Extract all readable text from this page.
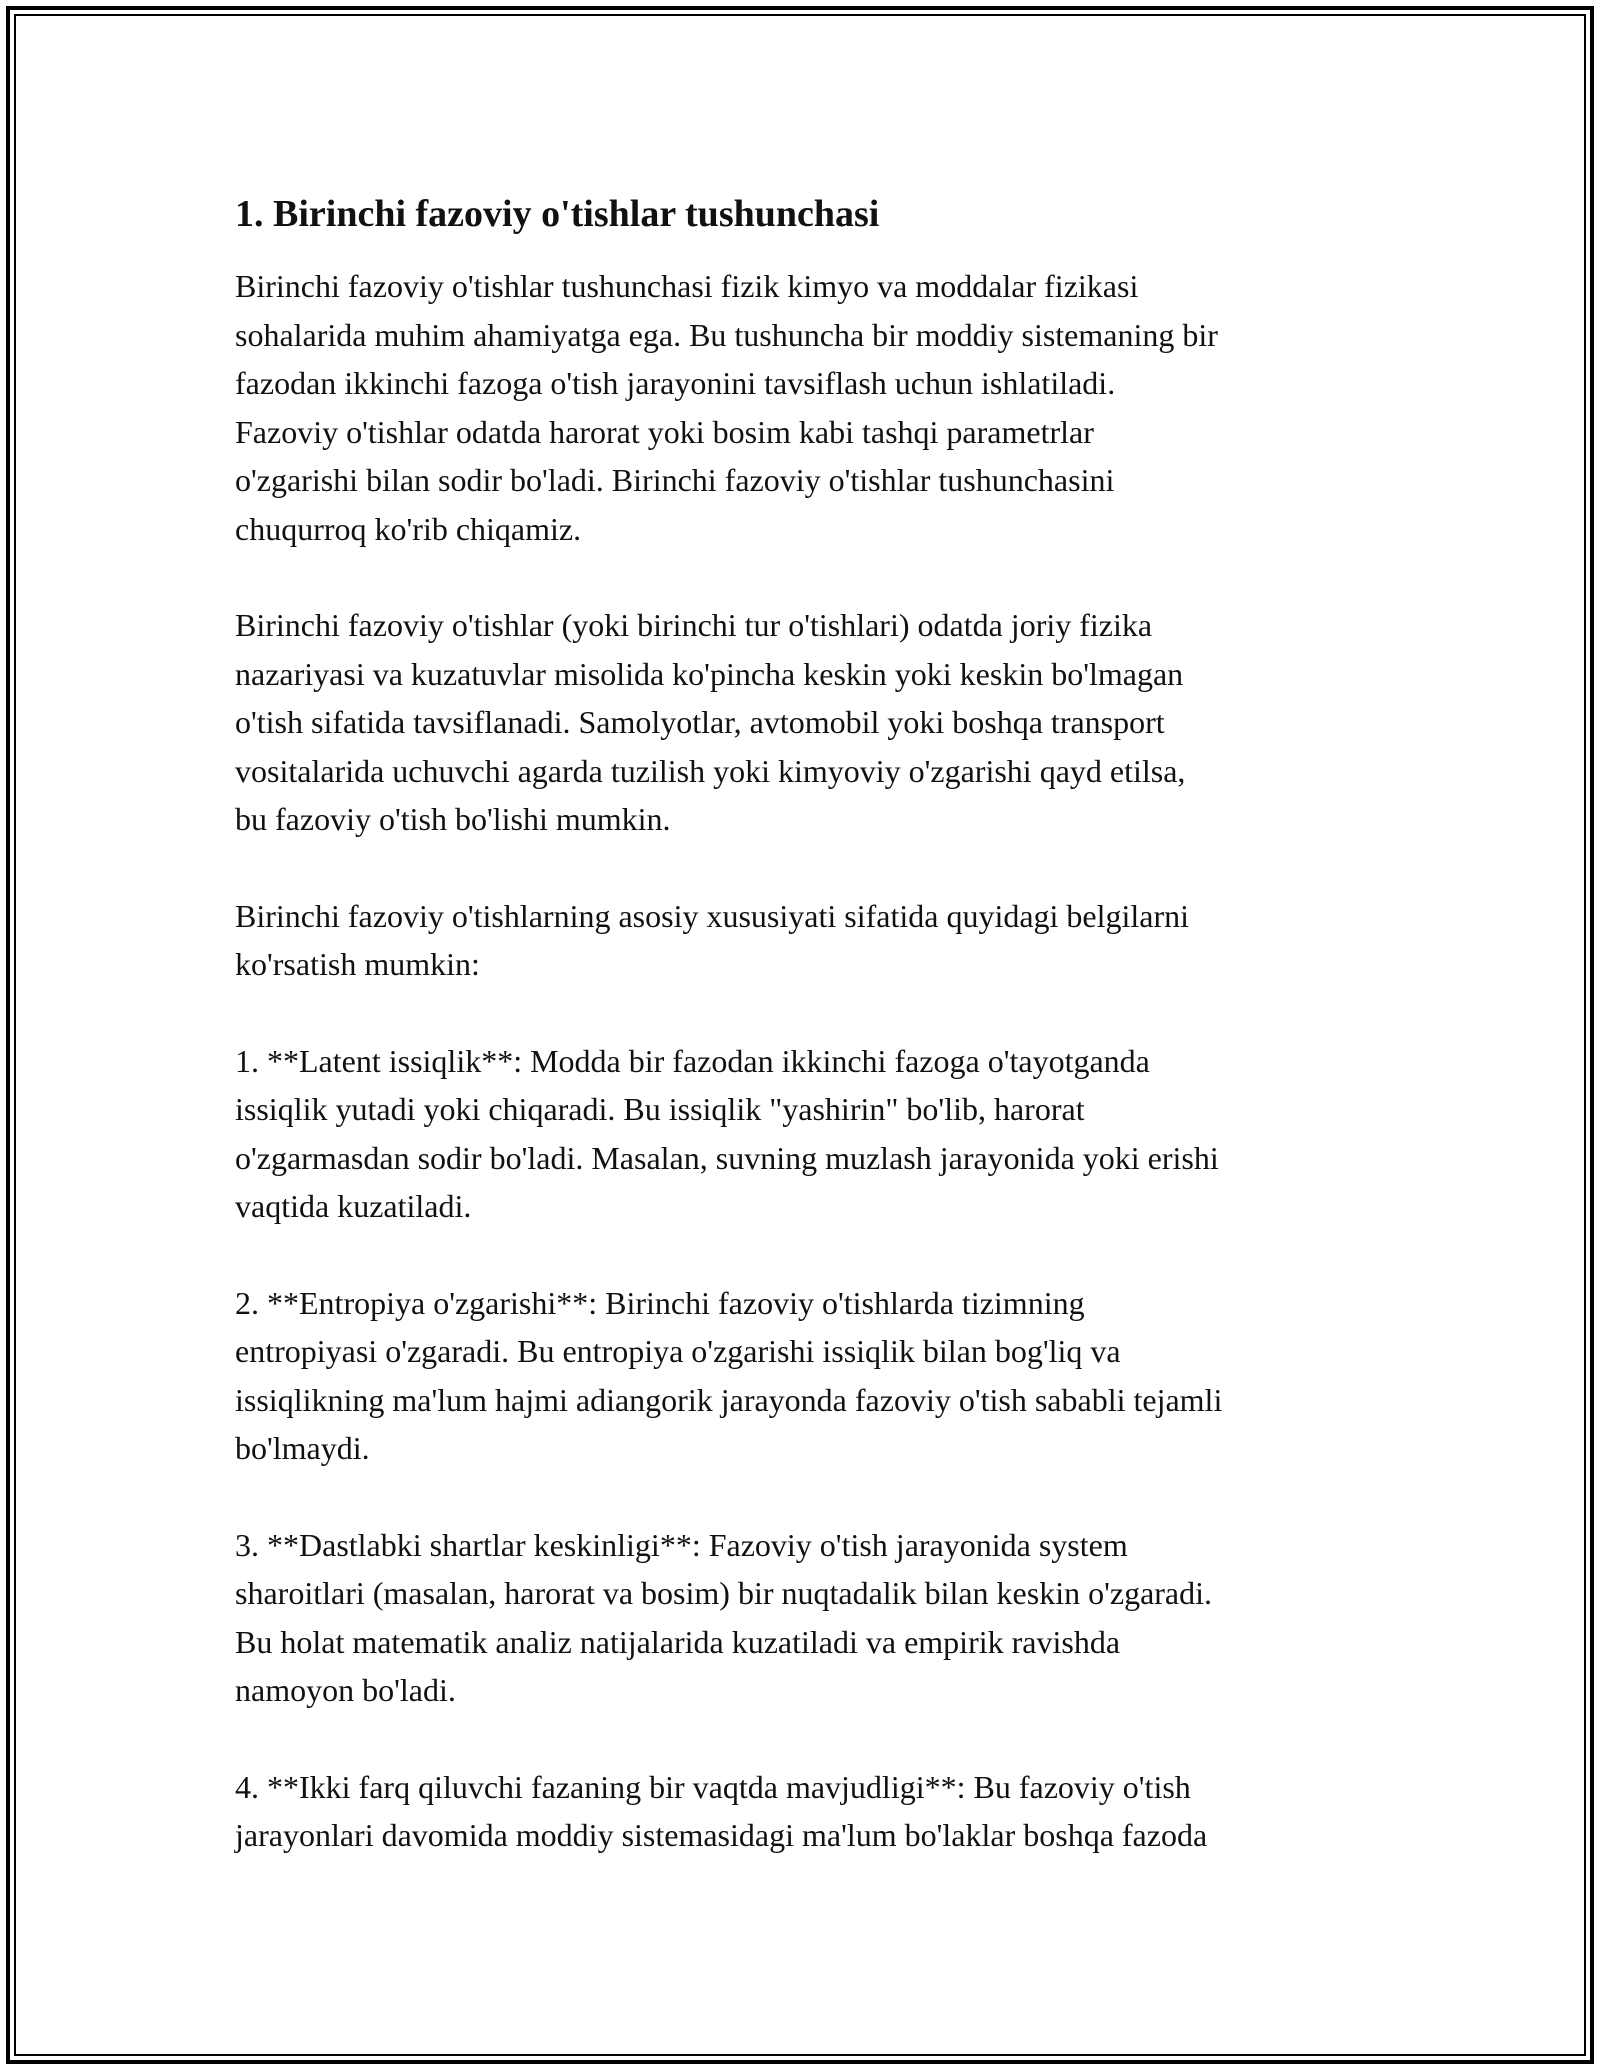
1. Birinchi fazoviy o'tishlar tushunchasi

Birinchi fazoviy o'tishlar tushunchasi fizik kimyo va moddalar fizikasi
sohalarida muhim ahamiyatga ega. Bu tushuncha bir moddiy sistemaning bir
fazodan ikkinchi fazoga o'tish jarayonini tavsiflash uchun ishlatiladi.
Fazoviy o'tishlar odatda harorat yoki bosim kabi tashqi parametrlar
o'zgarishi bilan sodir bo'ladi. Birinchi fazoviy o'tishlar tushunchasini
chuqurroq ko'rib chiqamiz.

Birinchi fazoviy o'tishlar (yoki birinchi tur o'tishlari) odatda joriy fizika
nazariyasi va kuzatuvlar misolida ko'pincha keskin yoki keskin bo'lmagan
o'tish sifatida tavsiflanadi. Samolyotlar, avtomobil yoki boshqa transport
vositalarida uchuvchi agarda tuzilish yoki kimyoviy o'zgarishi qayd etilsa,
bu fazoviy o'tish bo'lishi mumkin.

Birinchi fazoviy o'tishlarning asosiy xususiyati sifatida quyidagi belgilarni
ko'rsatish mumkin:

1. **Latent issiqlik**: Modda bir fazodan ikkinchi fazoga o'tayotganda
issiqlik yutadi yoki chiqaradi. Bu issiqlik "yashirin" bo'lib, harorat
o'zgarmasdan sodir bo'ladi. Masalan, suvning muzlash jarayonida yoki erishi
vaqtida kuzatiladi.

2. **Entropiya o'zgarishi**: Birinchi fazoviy o'tishlarda tizimning
entropiyasi o'zgaradi. Bu entropiya o'zgarishi issiqlik bilan bog'liq va
issiqlikning ma'lum hajmi adiangorik jarayonda fazoviy o'tish sababli tejamli
bo'lmaydi.

3. **Dastlabki shartlar keskinligi**: Fazoviy o'tish jarayonida system
sharoitlari (masalan, harorat va bosim) bir nuqtadalik bilan keskin o'zgaradi.
Bu holat matematik analiz natijalarida kuzatiladi va empirik ravishda
namoyon bo'ladi.

4. **Ikki farq qiluvchi fazaning bir vaqtda mavjudligi**: Bu fazoviy o'tish
jarayonlari davomida moddiy sistemasidagi ma'lum bo'laklar boshqa fazoda
